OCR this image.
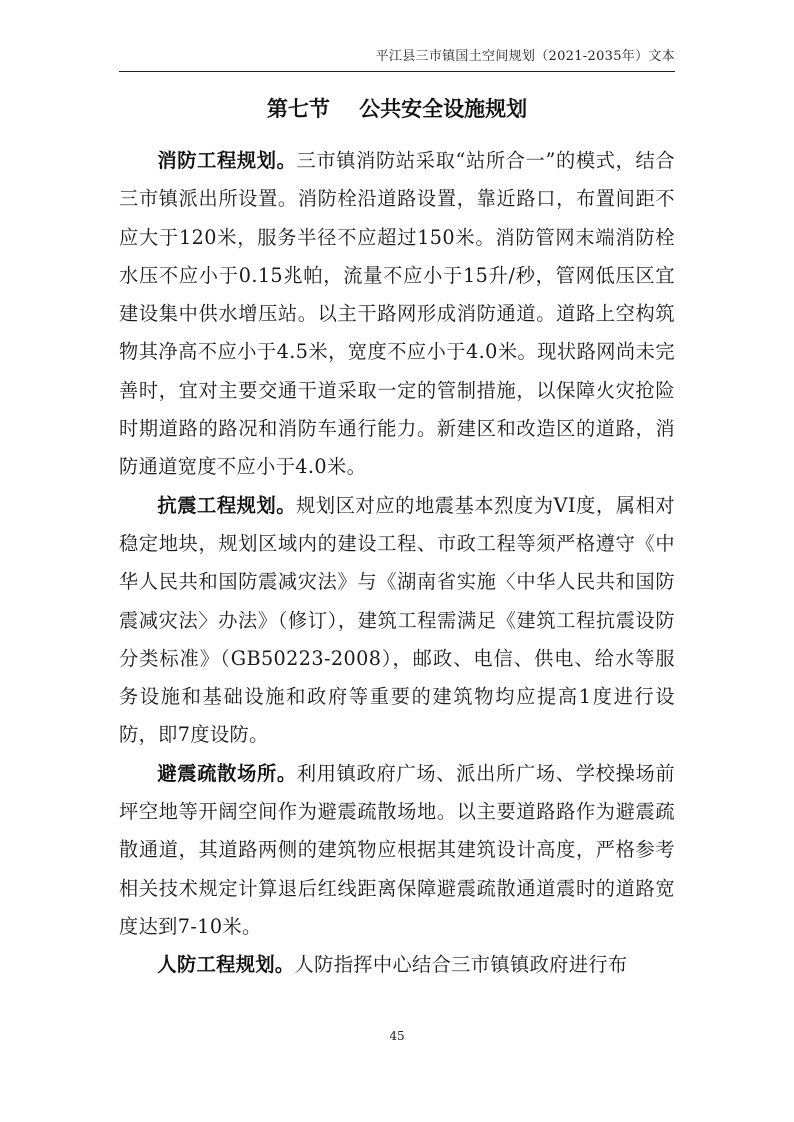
平江县三市镇国土空间规划（2021-2035年）文本
第七节    公共安全设施规划

消防工程规划。三市镇消防站采取“站所合一”的模式，结合三市镇派出所设置。消防栓沿道路设置，靠近路口，布置间距不应大于120米，服务半径不应超过150米。消防管网末端消防栓水压不应小于0.15兆帕，流量不应小于15升/秒，管网低压区宜建设集中供水增压站。以主干路网形成消防通道。道路上空构筑物其净高不应小于4.5米，宽度不应小于4.0米。现状路网尚未完善时，宜对主要交通干道采取一定的管制措施，以保障火灾抢险时期道路的路况和消防车通行能力。新建区和改造区的道路，消防通道宽度不应小于4.0米。

抗震工程规划。规划区对应的地震基本烈度为VI度，属相对稳定地块，规划区域内的建设工程、市政工程等须严格遵守《中华人民共和国防震减灾法》与《湖南省实施〈中华人民共和国防震减灾法〉办法》（修订），建筑工程需满足《建筑工程抗震设防分类标准》（GB50223-2008），邮政、电信、供电、给水等服务设施和基础设施和政府等重要的建筑物均应提高1度进行设防，即7度设防。

避震疏散场所。利用镇政府广场、派出所广场、学校操场前坪空地等开阔空间作为避震疏散场地。以主要道路路作为避震疏散通道，其道路两侧的建筑物应根据其建筑设计高度，严格参考相关技术规定计算退后红线距离保障避震疏散通道震时的道路宽度达到7-10米。

人防工程规划。人防指挥中心结合三市镇镇政府进行布

45
